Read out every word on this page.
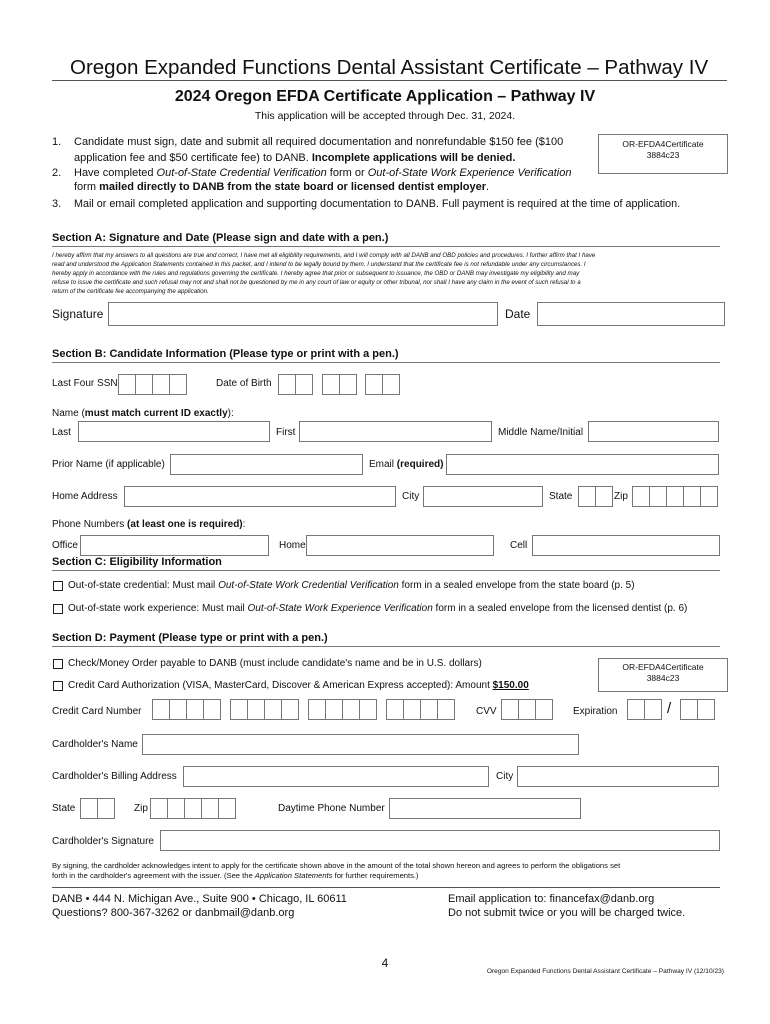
Oregon Expanded Functions Dental Assistant Certificate – Pathway IV
2024 Oregon EFDA Certificate Application – Pathway IV
This application will be accepted through Dec. 31, 2024.
OR-EFDA4Certificate
3884c23
1. Candidate must sign, date and submit all required documentation and nonrefundable $150 fee ($100
application fee and $50 certificate fee) to DANB. Incomplete applications will be denied.
2. Have completed Out-of-State Credential Verification form or Out-of-State Work Experience Verification
form mailed directly to DANB from the state board or licensed dentist employer.
3. Mail or email completed application and supporting documentation to DANB. Full payment is required at the time of application.
Section A: Signature and Date (Please sign and date with a pen.)
I hereby affirm that my answers to all questions are true and correct, I have met all eligibility requirements, and I will comply with all DANB and OBD policies and procedures. I further affirm that I have
read and understood the Application Statements contained in this packet, and I intend to be legally bound by them. I understand that the certificate fee is not refundable under any circumstances. I
hereby apply in accordance with the rules and regulations governing the certificate. I hereby agree that prior or subsequent to issuance, the OBD or DANB may investigate my eligibility and may
refuse to issue the certificate and such refusal may not and shall not be questioned by me in any court of law or equity or other tribunal, nor shall I have any claim in the event of such refusal to a
return of the certificate fee accompanying the application.
Signature	Date
Section B: Candidate Information (Please type or print with a pen.)
Last Four SSN	Date of Birth
Name (must match current ID exactly):
Last	First	Middle Name/Initial
Prior Name (if applicable)	Email (required)
Home Address	City	State	Zip
Phone Numbers (at least one is required):
Office	Home	Cell
Section C: Eligibility Information
Out-of-state credential: Must mail Out-of-State Work Credential Verification form in a sealed envelope from the state board (p. 5)
Out-of-state work experience: Must mail Out-of-State Work Experience Verification form in a sealed envelope from the licensed dentist (p. 6)
Section D: Payment (Please type or print with a pen.)
OR-EFDA4Certificate
3884c23
Check/Money Order payable to DANB (must include candidate's name and be in U.S. dollars)
Credit Card Authorization (VISA, MasterCard, Discover & American Express accepted): Amount $150.00
Credit Card Number	CVV	Expiration	/
Cardholder's Name
Cardholder's Billing Address	City
State	Zip	Daytime Phone Number
Cardholder's Signature
By signing, the cardholder acknowledges intent to apply for the certificate shown above in the amount of the total shown hereon and agrees to perform the obligations set
forth in the cardholder's agreement with the issuer. (See the Application Statements for further requirements.)
DANB • 444 N. Michigan Ave., Suite 900 • Chicago, IL 60611
Questions? 800-367-3262 or danbmail@danb.org
Email application to: financefax@danb.org
Do not submit twice or you will be charged twice.
4
Oregon Expanded Functions Dental Assistant Certificate – Pathway IV (12/10/23)
